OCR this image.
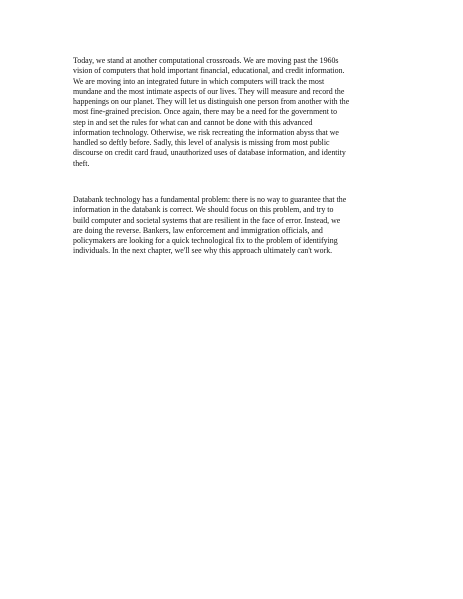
Today, we stand at another computational crossroads. We are moving past the 1960s
vision of computers that hold important financial, educational, and credit information.
We are moving into an integrated future in which computers will track the most
mundane and the most intimate aspects of our lives. They will measure and record the
happenings on our planet. They will let us distinguish one person from another with the
most fine-grained precision. Once again, there may be a need for the government to
step in and set the rules for what can and cannot be done with this advanced
information technology. Otherwise, we risk recreating the information abyss that we
handled so deftly before. Sadly, this level of analysis is missing from most public
discourse on credit card fraud, unauthorized uses of database information, and identity
theft.

Databank technology has a fundamental problem: there is no way to guarantee that the
information in the databank is correct. We should focus on this problem, and try to
build computer and societal systems that are resilient in the face of error. Instead, we
are doing the reverse. Bankers, law enforcement and immigration officials, and
policymakers are looking for a quick technological fix to the problem of identifying
individuals. In the next chapter, we'll see why this approach ultimately can't work.
